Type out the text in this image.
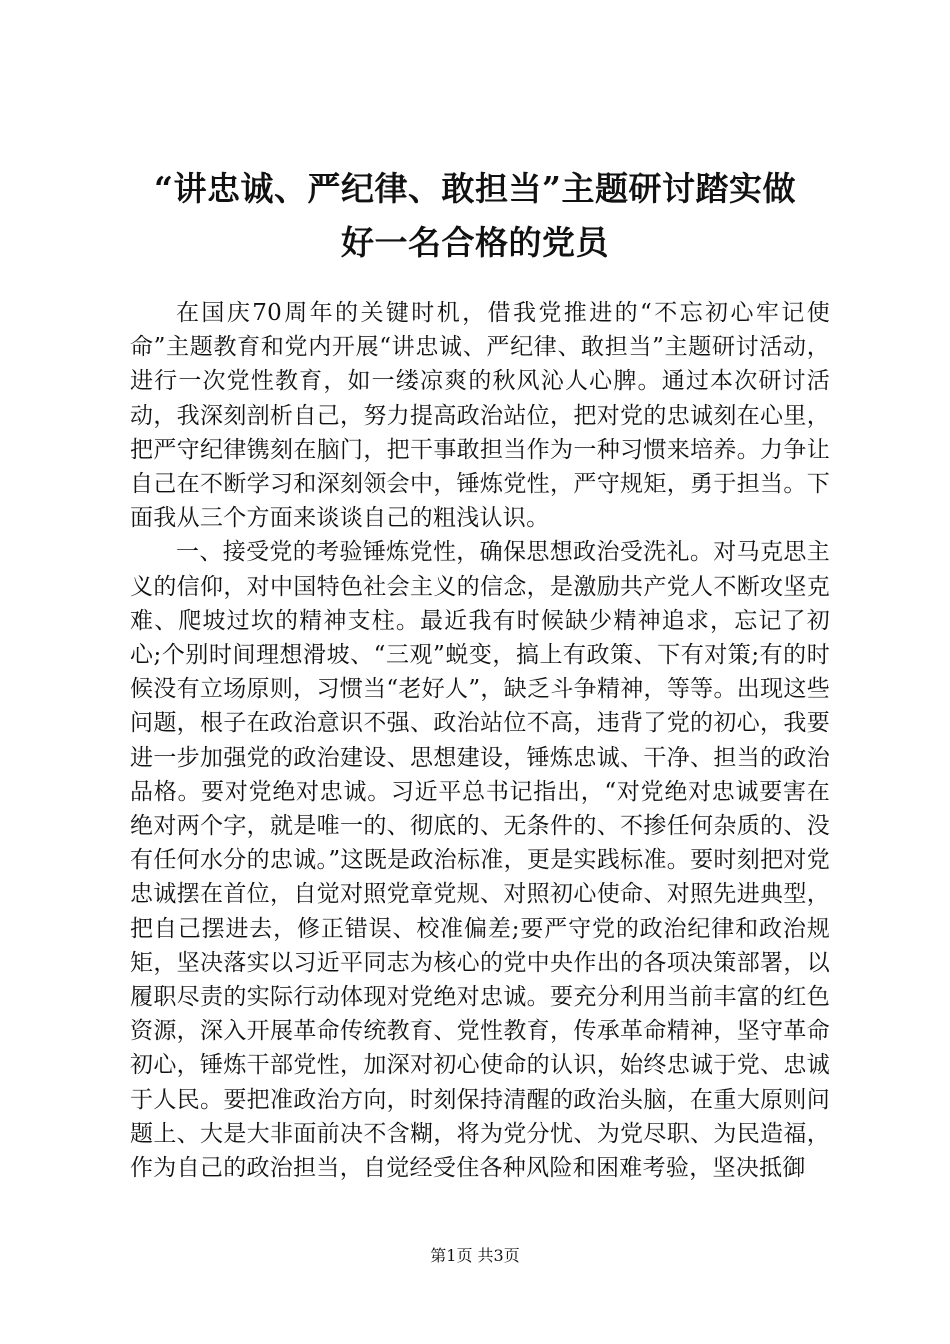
“讲忠诚、严纪律、敢担当”主题研讨踏实做
好一名合格的党员

在国庆70周年的关键时机，借我党推进的“不忘初心牢记使命”主题教育和党内开展“讲忠诚、严纪律、敢担当”主题研讨活动，进行一次党性教育，如一缕凉爽的秋风沁人心脾。通过本次研讨活动，我深刻剖析自己，努力提高政治站位，把对党的忠诚刻在心里，把严守纪律镌刻在脑门，把干事敢担当作为一种习惯来培养。力争让自己在不断学习和深刻领会中，锤炼党性，严守规矩，勇于担当。下面我从三个方面来谈谈自己的粗浅认识。

一、接受党的考验锤炼党性，确保思想政治受洗礼。对马克思主义的信仰，对中国特色社会主义的信念，是激励共产党人不断攻坚克难、爬坡过坎的精神支柱。最近我有时候缺少精神追求，忘记了初心;个别时间理想滑坡、“三观”蜕变，搞上有政策、下有对策;有的时候没有立场原则，习惯当“老好人”，缺乏斗争精神，等等。出现这些问题，根子在政治意识不强、政治站位不高，违背了党的初心，我要进一步加强党的政治建设、思想建设，锤炼忠诚、干净、担当的政治品格。要对党绝对忠诚。习近平总书记指出，“对党绝对忠诚要害在绝对两个字，就是唯一的、彻底的、无条件的、不掺任何杂质的、没有任何水分的忠诚。”这既是政治标准，更是实践标准。要时刻把对党忠诚摆在首位，自觉对照党章党规、对照初心使命、对照先进典型，把自己摆进去，修正错误、校准偏差;要严守党的政治纪律和政治规矩，坚决落实以习近平同志为核心的党中央作出的各项决策部署，以履职尽责的实际行动体现对党绝对忠诚。要充分利用当前丰富的红色资源，深入开展革命传统教育、党性教育，传承革命精神，坚守革命初心，锤炼干部党性，加深对初心使命的认识，始终忠诚于党、忠诚于人民。要把准政治方向，时刻保持清醒的政治头脑，在重大原则问题上、大是大非面前决不含糊，将为党分忧、为党尽职、为民造福，作为自己的政治担当，自觉经受住各种风险和困难考验，坚决抵御

第1页 共3页
